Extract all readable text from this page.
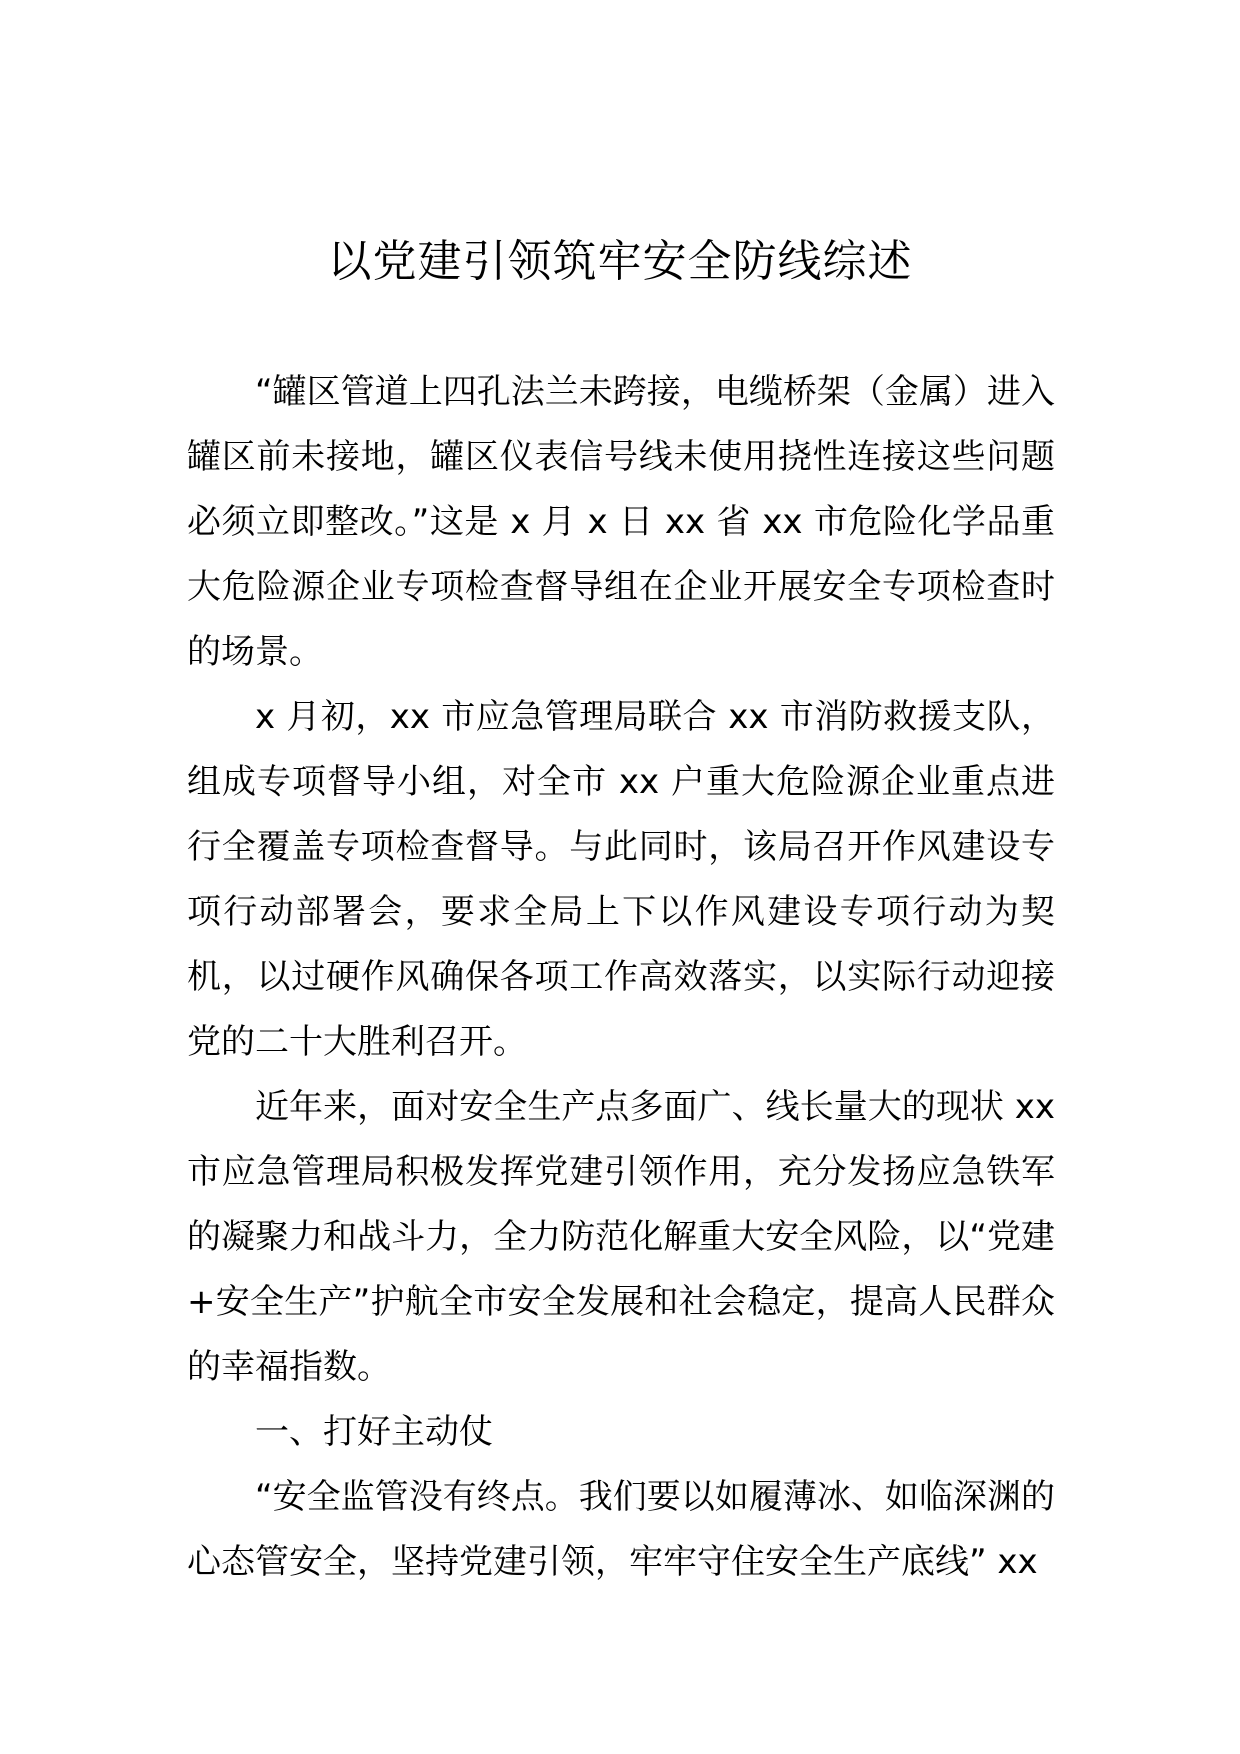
以党建引领筑牢安全防线综述

“罐区管道上四孔法兰未跨接，电缆桥架（金属）进入罐区前未接地，罐区仪表信号线未使用挠性连接这些问题必须立即整改。”这是 x 月 x 日 xx 省 xx 市危险化学品重大危险源企业专项检查督导组在企业开展安全专项检查时的场景。

x 月初，xx 市应急管理局联合 xx 市消防救援支队，组成专项督导小组，对全市 xx 户重大危险源企业重点进行全覆盖专项检查督导。与此同时，该局召开作风建设专项行动部署会，要求全局上下以作风建设专项行动为契机，以过硬作风确保各项工作高效落实，以实际行动迎接党的二十大胜利召开。

近年来，面对安全生产点多面广、线长量大的现状 xx 市应急管理局积极发挥党建引领作用，充分发扬应急铁军的凝聚力和战斗力，全力防范化解重大安全风险，以“党建+安全生产”护航全市安全发展和社会稳定，提高人民群众的幸福指数。

一、打好主动仗

“安全监管没有终点。我们要以如履薄冰、如临深渊的心态管安全，坚持党建引领，牢牢守住安全生产底线” xx
